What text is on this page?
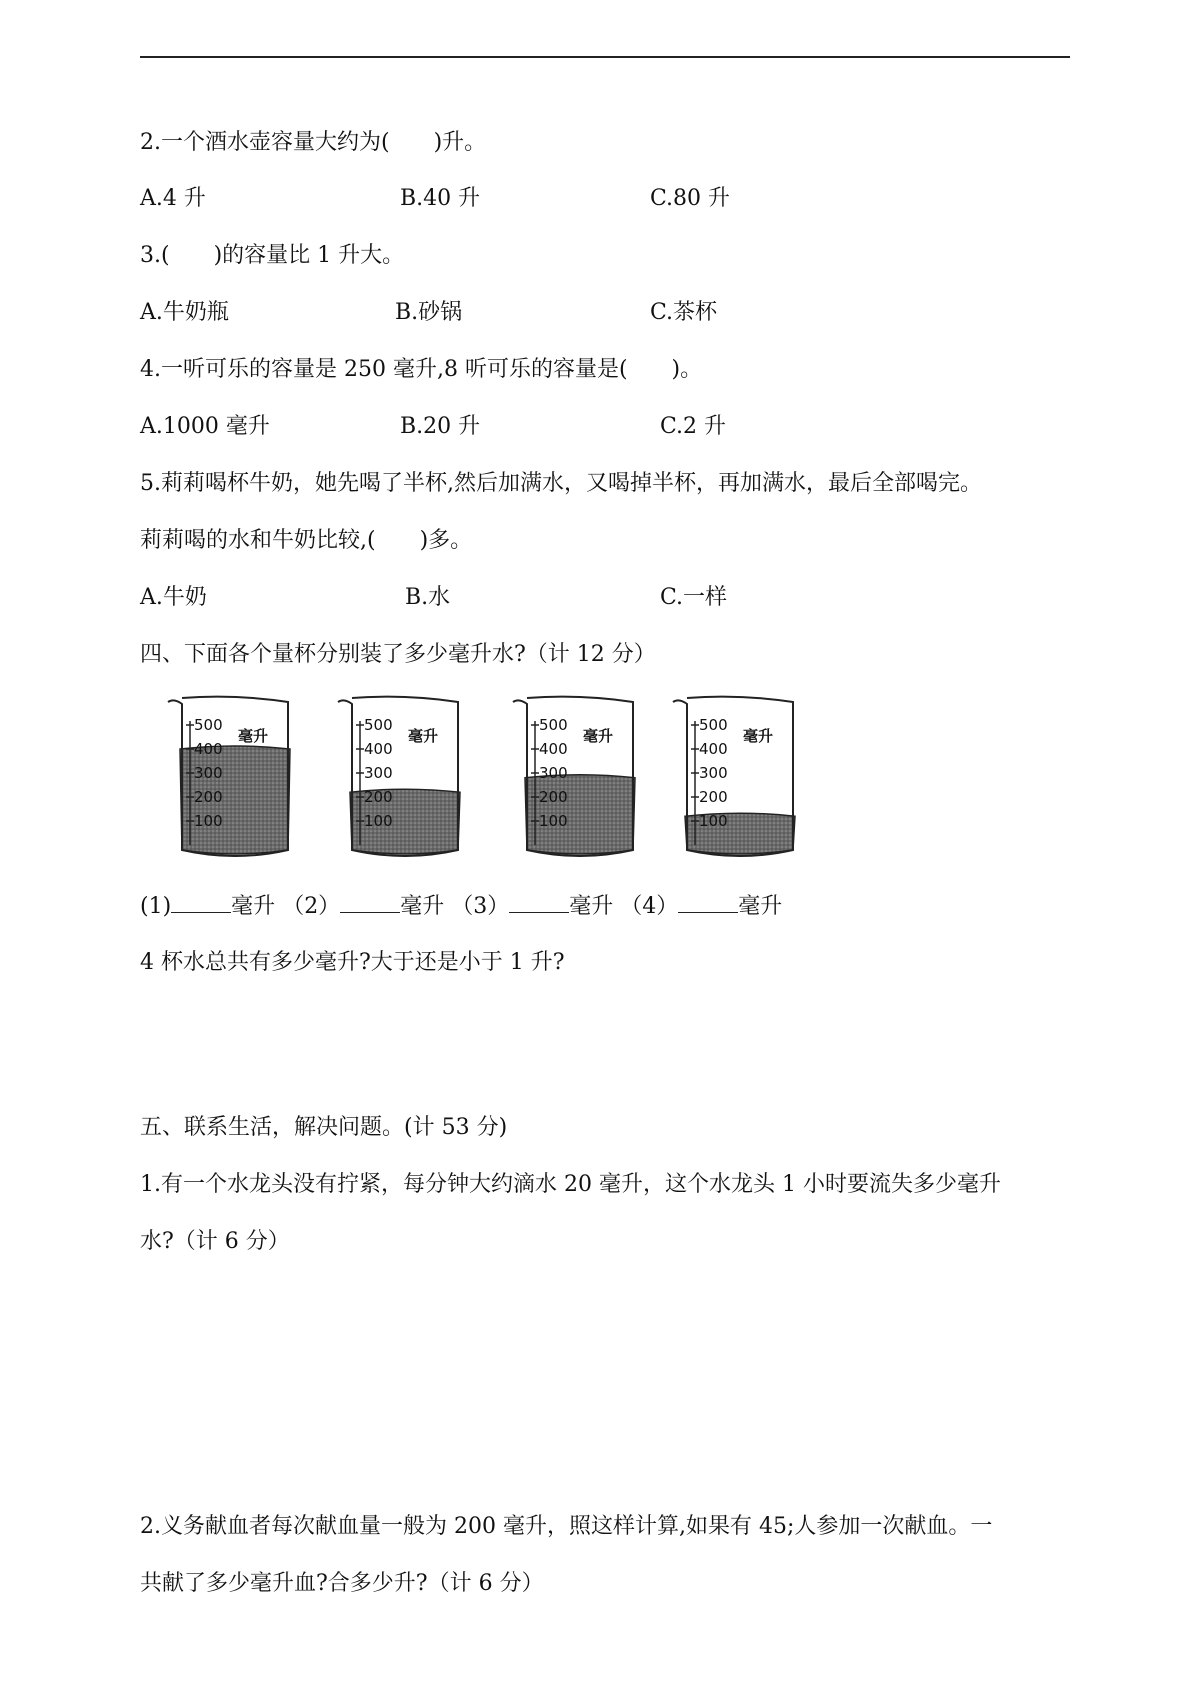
2.一个酒水壶容量大约为(　　)升。
A.4 升	B.40 升	C.80 升
3.(　　)的容量比 1 升大。
A.牛奶瓶	B.砂锅	C.茶杯
4.一听可乐的容量是 250 毫升,8 听可乐的容量是(　　)。
A.1000 毫升	B.20 升	C.2 升
5.莉莉喝杯牛奶，她先喝了半杯,然后加满水，又喝掉半杯，再加满水，最后全部喝完。
莉莉喝的水和牛奶比较,(　　)多。
A.牛奶	B.水	C.一样
四、下面各个量杯分别装了多少毫升水?（计 12 分）
500
400
300
200
100
毫升
500
400
300
200
100
毫升
500
400
300
200
100
毫升
500
400
300
200
100
毫升
(1)	毫升 （2）	毫升 （3）	毫升 （4）	毫升
4 杯水总共有多少毫升?大于还是小于 1 升?
五、联系生活，解决问题。(计 53 分)
1.有一个水龙头没有拧紧，每分钟大约滴水 20 毫升，这个水龙头 1 小时要流失多少毫升
水?（计 6 分）
2.义务献血者每次献血量一般为 200 毫升，照这样计算,如果有 45;人参加一次献血。一
共献了多少毫升血?合多少升?（计 6 分）
